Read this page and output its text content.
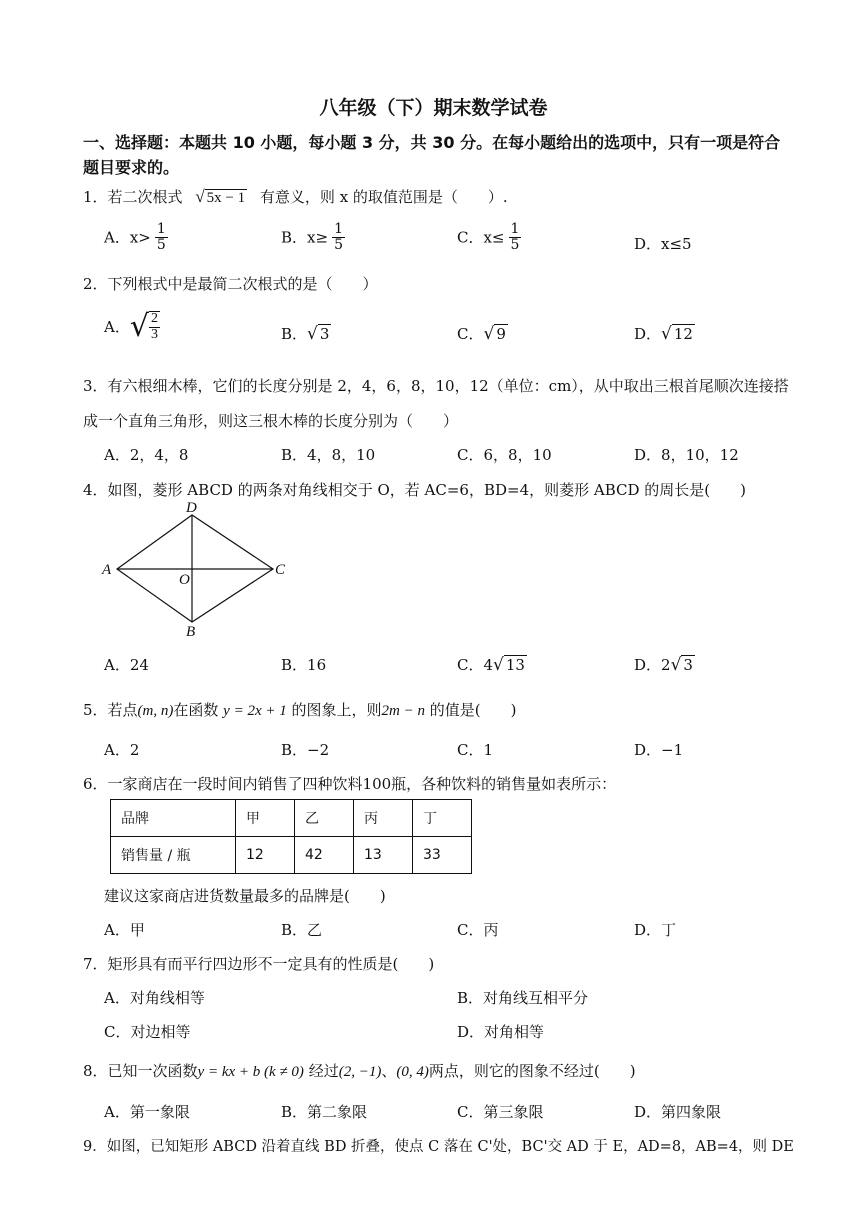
八年级（下）期末数学试卷
一、选择题：本题共 10 小题，每小题 3 分，共 30 分。在每小题给出的选项中，只有一项是符合
题目要求的。
1．若二次根式 √ 5x − 1 有意义，则 x 的取值范围是（　　）.
A．$x> \frac{1}{5}$	B．$x\ge \frac{1}{5}$	C．$x\le \frac{1}{5}$	D．x≤5
2．下列根式中是最简二次根式的是（　　）
A．√ $\frac{2}{3}$	B．√ 3	C．√ 9	D．√ 12
3．有六根细木棒，它们的长度分别是 2，4，6，8，10，12（单位：cm），从中取出三根首尾顺次连接搭
成一个直角三角形，则这三根木棒的长度分别为（　　）
A．2，4，8	B．4，8，10	C．6，8，10	D．8，10，12
4．如图，菱形 ABCD 的两条对角线相交于 O，若 AC=6，BD=4，则菱形 ABCD 的周长是(　　)
A
D
C
B
O
A．24	B．16	C．4√ 13	D．2√ 3
5．若点(m, n)在函数 y = 2x + 1 的图象上，则2m − n 的值是(　　)
A．2	B．−2	C．1	D．−1
6．一家商店在一段时间内销售了四种饮料100瓶，各种饮料的销售量如表所示：
品牌	甲	乙	丙	丁
销售量 / 瓶	12	42	13	33
建议这家商店进货数量最多的品牌是(　　)
A．甲	B．乙	C．丙	D．丁
7．矩形具有而平行四边形不一定具有的性质是(　　)
A．对角线相等	B．对角线互相平分
C．对边相等	D．对角相等
8．已知一次函数y = kx + b (k ≠ 0) 经过(2, −1)、(0, 4)两点，则它的图象不经过(　　)
A．第一象限	B．第二象限	C．第三象限	D．第四象限
9．如图，已知矩形 ABCD 沿着直线 BD 折叠，使点 C 落在 C'处，BC'交 AD 于 E，AD=8，AB=4，则 DE
